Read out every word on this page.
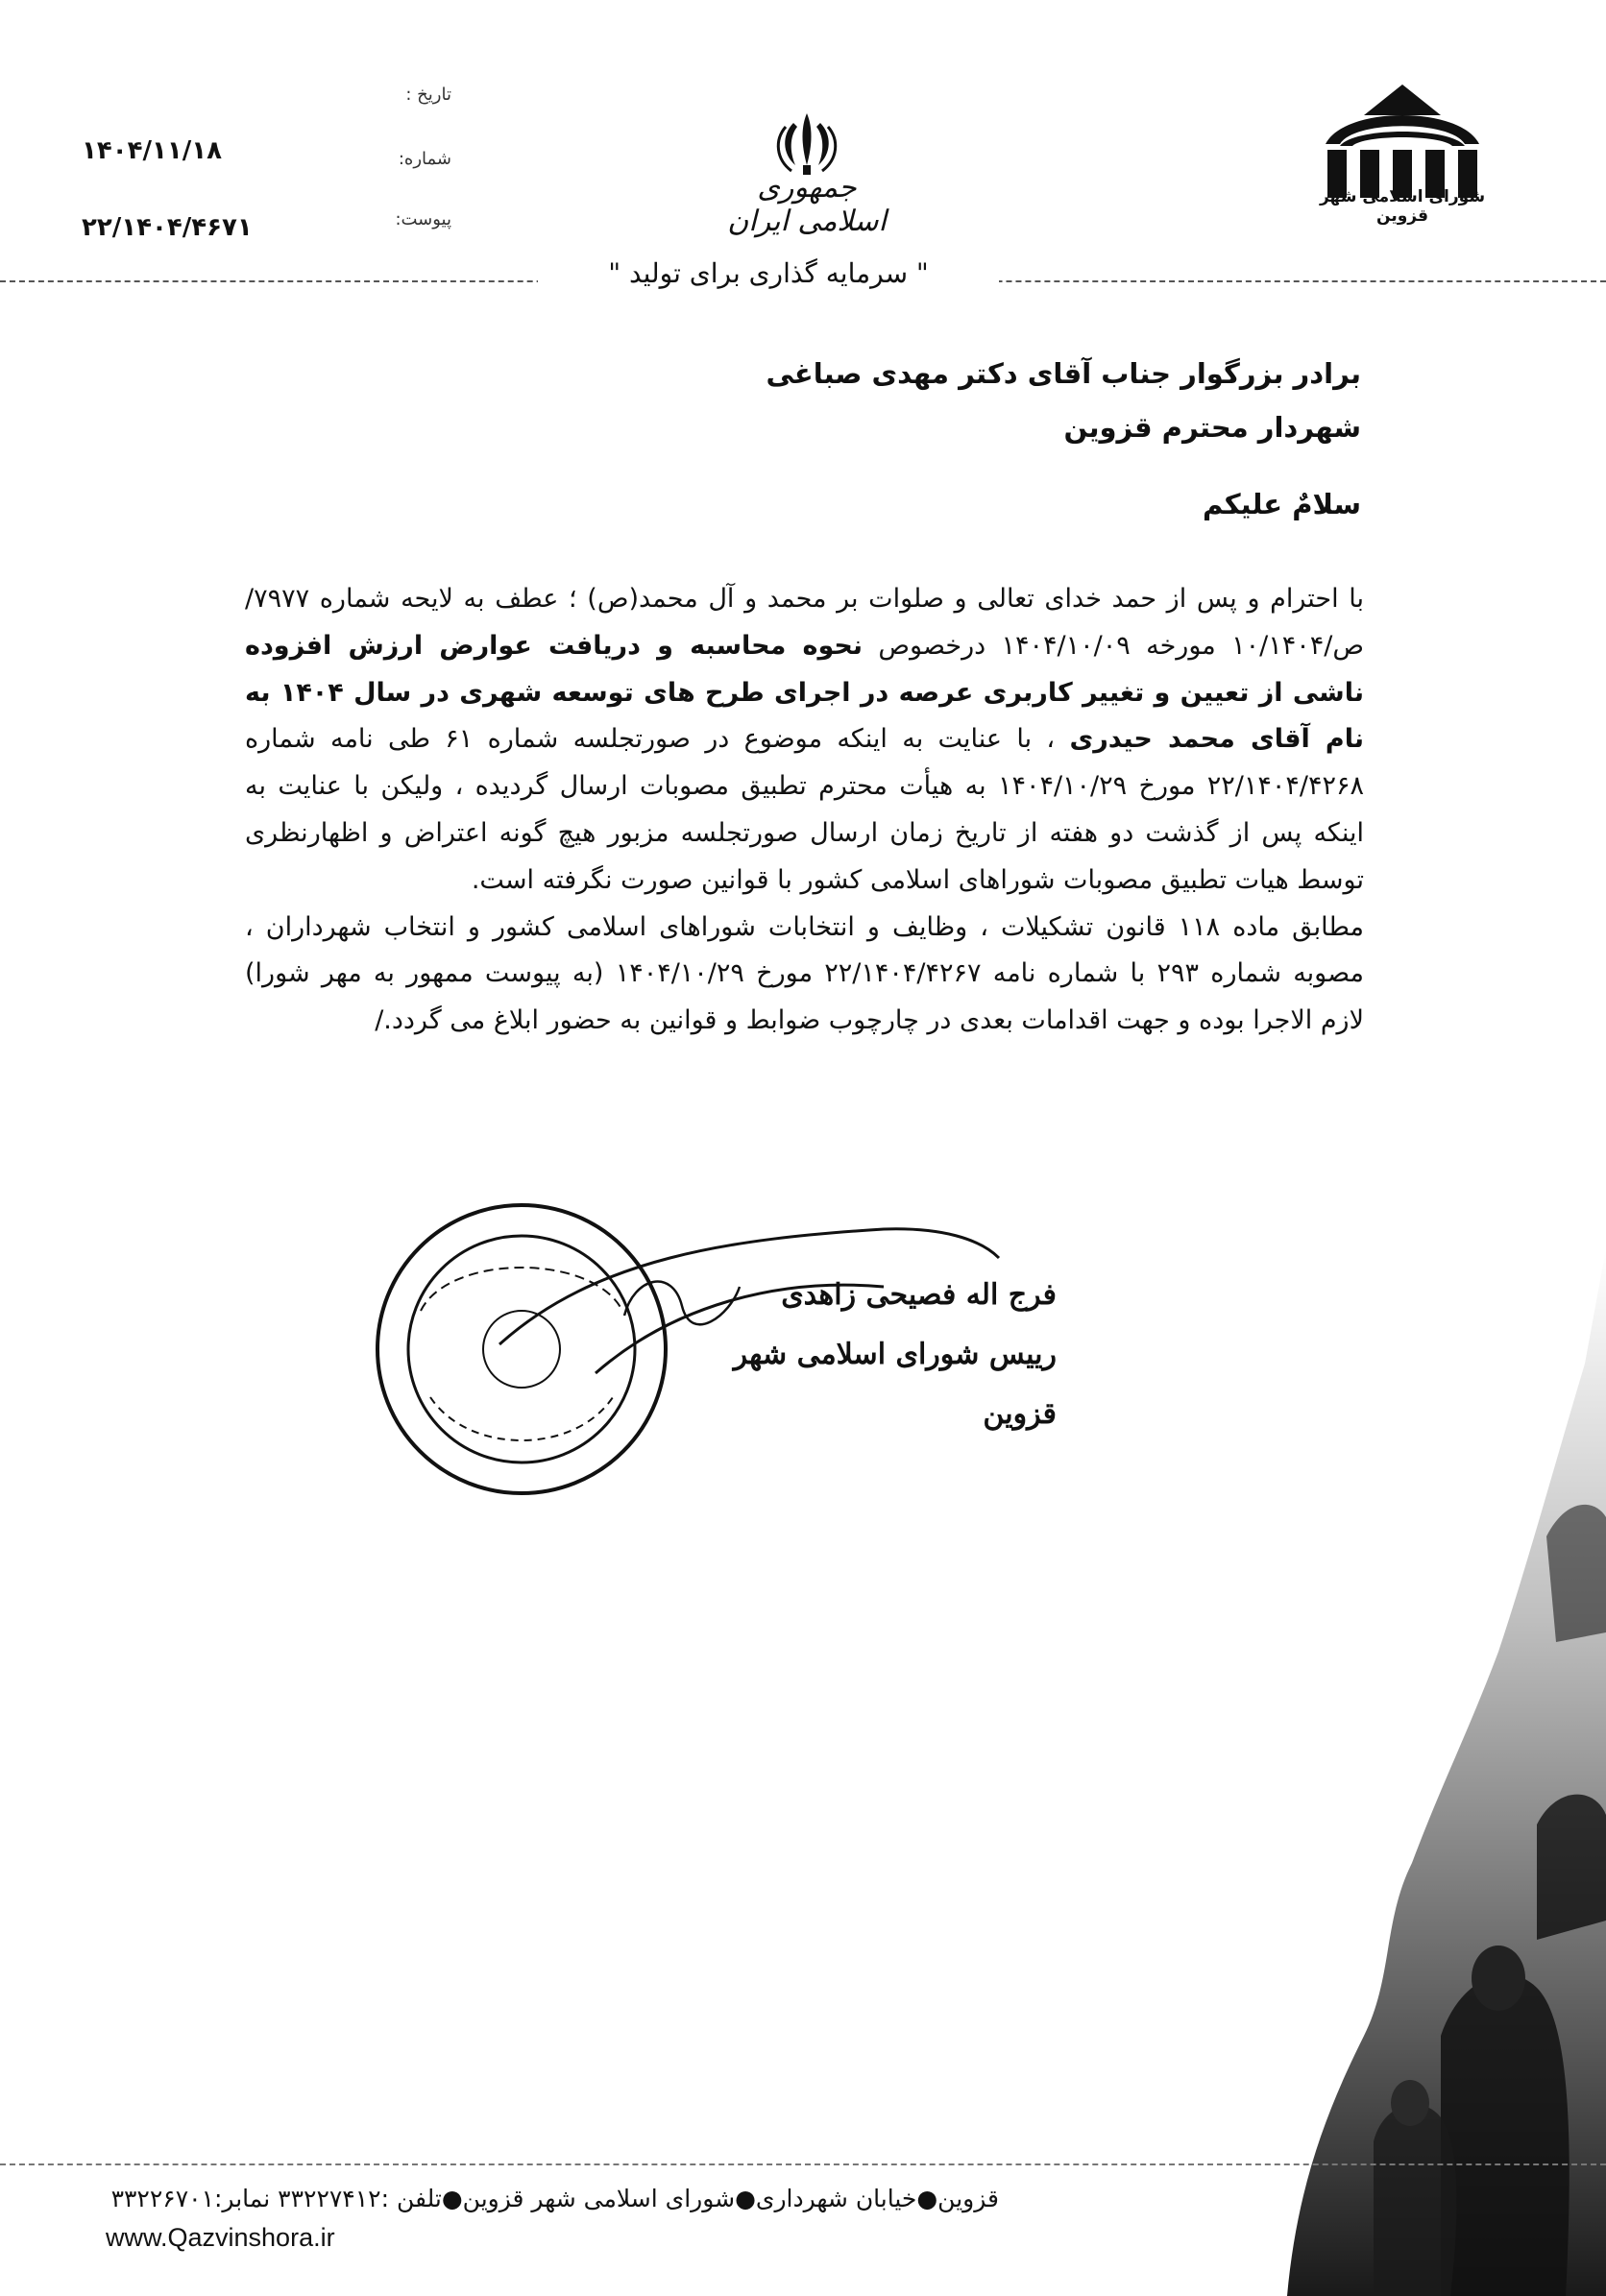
شورای اسلامی شهر قزوین
جمهوری اسلامی ایران
تاریخ :
شماره:
پیوست:
۱۴۰۴/۱۱/۱۸
۲۲/۱۴۰۴/۴۶۷۱
" سرمایه گذاری برای تولید "
برادر بزرگوار جناب آقای دکتر مهدی صباغی
شهردار محترم قزوین
سلامٌ علیکم

با احترام و پس از حمد خدای تعالی و صلوات بر محمد و آل محمد(ص) ؛ عطف به لایحه شماره ۷۹۷۷/ص/۱۰/۱۴۰۴ مورخه ۱۴۰۴/۱۰/۰۹ درخصوص نحوه محاسبه و دریافت عوارض ارزش افزوده ناشی از تعیین و تغییر کاربری عرصه در اجرای طرح های توسعه شهری در سال ۱۴۰۴ به نام آقای محمد حیدری ، با عنایت به اینکه موضوع در صورتجلسه شماره ۶۱ طی نامه شماره ۲۲/۱۴۰۴/۴۲۶۸ مورخ ۱۴۰۴/۱۰/۲۹ به هیأت محترم تطبیق مصوبات ارسال گردیده ، ولیکن با عنایت به اینکه پس از گذشت دو هفته از تاریخ زمان ارسال صورتجلسه مزبور هیچ گونه اعتراض و اظهارنظری توسط هیات تطبیق مصوبات شوراهای اسلامی کشور با قوانین صورت نگرفته است.

مطابق ماده ۱۱۸ قانون تشکیلات ، وظایف و انتخابات شوراهای اسلامی کشور و انتخاب شهرداران ، مصوبه شماره ۲۹۳ با شماره نامه ۲۲/۱۴۰۴/۴۲۶۷ مورخ ۱۴۰۴/۱۰/۲۹ (به پیوست ممهور به مهر شورا) لازم الاجرا بوده و جهت اقدامات بعدی در چارچوب ضوابط و قوانین به حضور ابلاغ می گردد./

فرج اله فصیحی زاهدی
رییس شورای اسلامی شهر قزوین
قزوین●خیابان شهرداری●شورای اسلامی شهر قزوین●تلفن :۳۳۲۲۷۴۱۲ نمابر:۳۳۲۲۶۷۰۱
www.Qazvinshora.ir
